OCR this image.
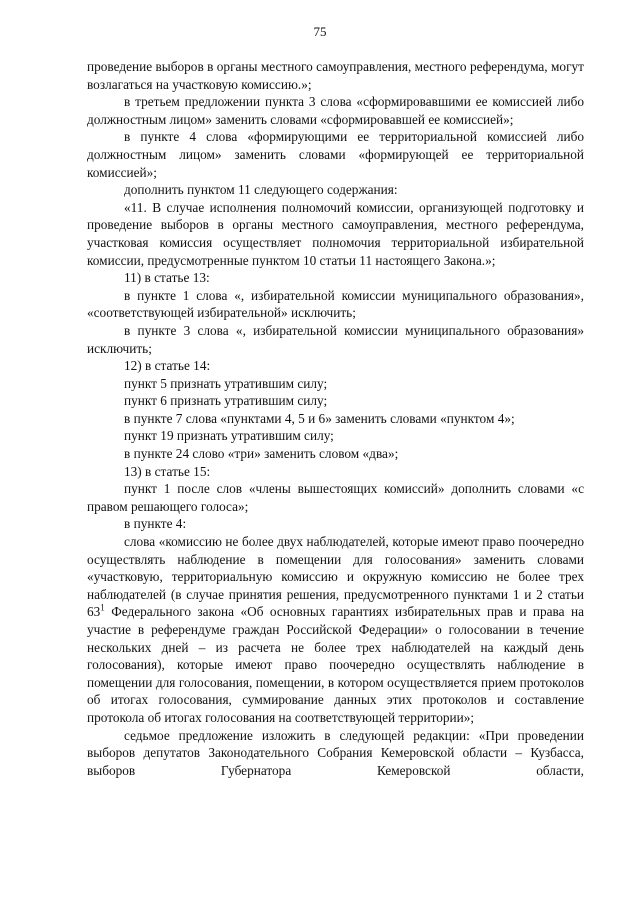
75

проведение выборов в органы местного самоуправления, местного референдума, могут возлагаться на участковую комиссию.»;

в третьем предложении пункта 3 слова «сформировавшими ее комиссией либо должностным лицом» заменить словами «сформировавшей ее комиссией»;

в пункте 4 слова «формирующими ее территориальной комиссией либо должностным лицом» заменить словами «формирующей ее территориальной комиссией»;

дополнить пунктом 11 следующего содержания:

«11. В случае исполнения полномочий комиссии, организующей подготовку и проведение выборов в органы местного самоуправления, местного референдума, участковая комиссия осуществляет полномочия территориальной избирательной комиссии, предусмотренные пунктом 10 статьи 11 настоящего Закона.»;

11) в статье 13:

в пункте 1 слова «, избирательной комиссии муниципального образования», «соответствующей избирательной» исключить;

в пункте 3 слова «, избирательной комиссии муниципального образования» исключить;

12) в статье 14:

пункт 5 признать утратившим силу;

пункт 6 признать утратившим силу;

в пункте 7 слова «пунктами 4, 5 и 6» заменить словами «пунктом 4»;

пункт 19 признать утратившим силу;

в пункте 24 слово «три» заменить словом «два»;

13) в статье 15:

пункт 1 после слов «члены вышестоящих комиссий» дополнить словами «с правом решающего голоса»;

в пункте 4:

слова «комиссию не более двух наблюдателей, которые имеют право поочередно осуществлять наблюдение в помещении для голосования» заменить словами «участковую, территориальную комиссию и окружную комиссию не более трех наблюдателей (в случае принятия решения, предусмотренного пунктами 1 и 2 статьи $63^1$ Федерального закона «Об основных гарантиях избирательных прав и права на участие в референдуме граждан Российской Федерации» о голосовании в течение нескольких дней – из расчета не более трех наблюдателей на каждый день голосования), которые имеют право поочередно осуществлять наблюдение в помещении для голосования, помещении, в котором осуществляется прием протоколов об итогах голосования, суммирование данных этих протоколов и составление протокола об итогах голосования на соответствующей территории»;

седьмое предложение изложить в следующей редакции: «При проведении выборов депутатов Законодательного Собрания Кемеровской области – Кузбасса, выборов Губернатора Кемеровской области,
